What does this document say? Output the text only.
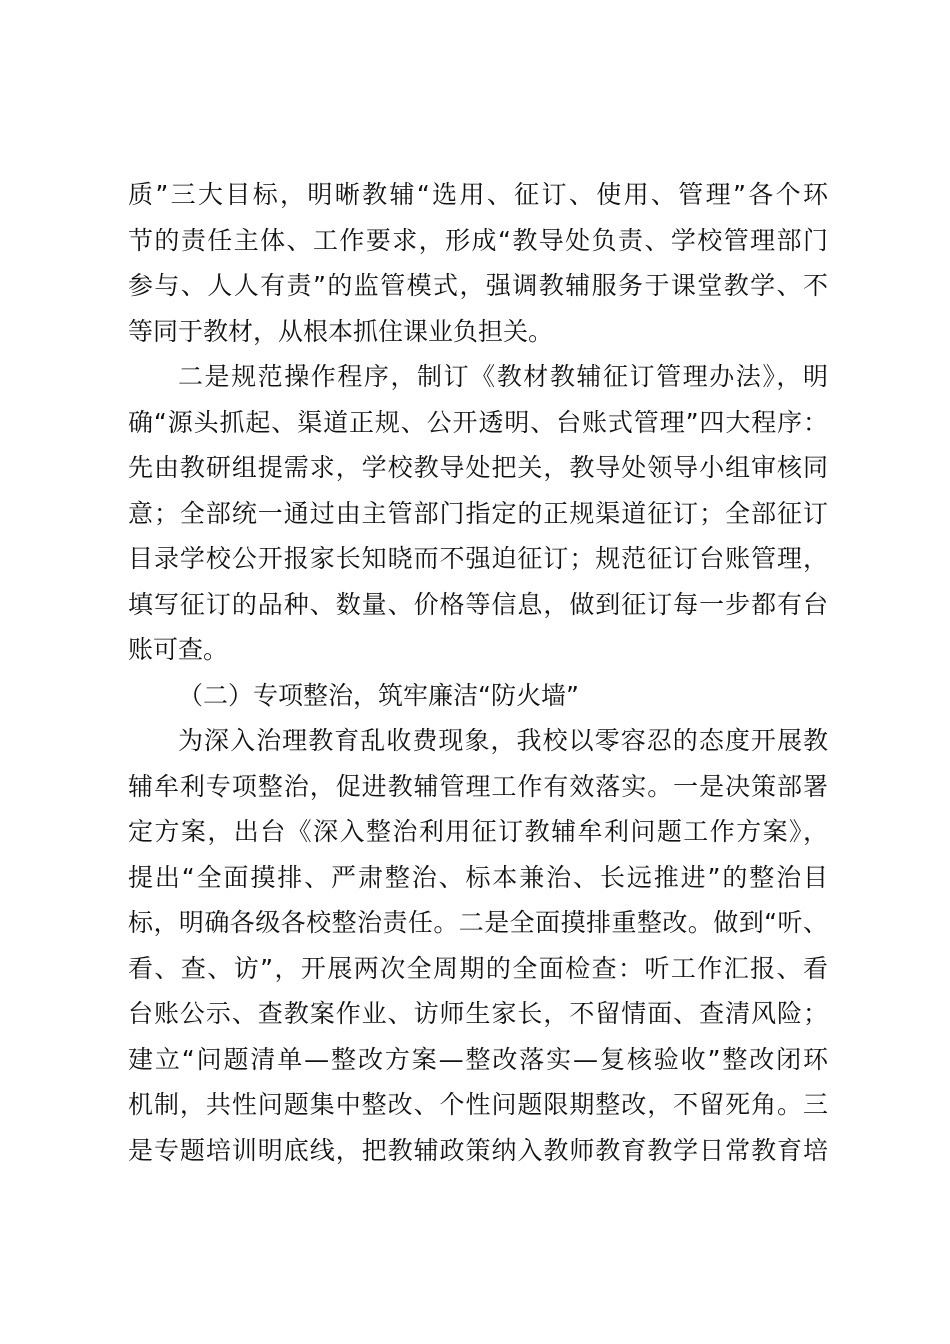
质”三大目标，明晰教辅“选用、征订、使用、管理”各个环
节的责任主体、工作要求，形成“教导处负责、学校管理部门
参与、人人有责”的监管模式，强调教辅服务于课堂教学、不
等同于教材，从根本抓住课业负担关。
二是规范操作程序，制订《教材教辅征订管理办法》，明
确“源头抓起、渠道正规、公开透明、台账式管理”四大程序：
先由教研组提需求，学校教导处把关，教导处领导小组审核同
意；全部统一通过由主管部门指定的正规渠道征订；全部征订
目录学校公开报家长知晓而不强迫征订；规范征订台账管理，
填写征订的品种、数量、价格等信息，做到征订每一步都有台
账可查。
（二）专项整治，筑牢廉洁“防火墙”
为深入治理教育乱收费现象，我校以零容忍的态度开展教
辅牟利专项整治，促进教辅管理工作有效落实。一是决策部署
定方案，出台《深入整治利用征订教辅牟利问题工作方案》，
提出“全面摸排、严肃整治、标本兼治、长远推进”的整治目
标，明确各级各校整治责任。二是全面摸排重整改。做到“听、
看、查、访”，开展两次全周期的全面检查：听工作汇报、看
台账公示、查教案作业、访师生家长，不留情面、查清风险；
建立“问题清单—整改方案—整改落实—复核验收”整改闭环
机制，共性问题集中整改、个性问题限期整改，不留死角。三
是专题培训明底线，把教辅政策纳入教师教育教学日常教育培
